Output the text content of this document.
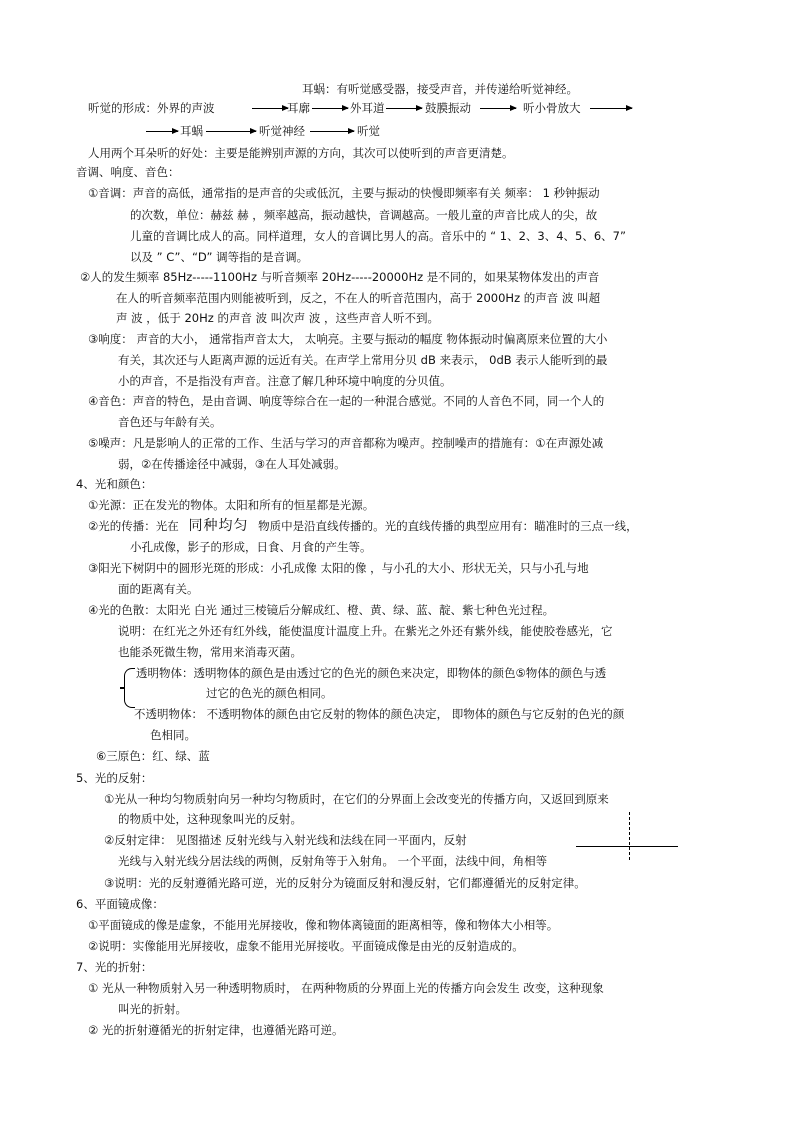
耳蜗：有听觉感受器，接受声音，并传递给听觉神经。
听觉的形成：外界的声波	耳廓	外耳道	鼓膜振动	听小骨放大
耳蜗	听觉神经	听觉
人用两个耳朵听的好处：主要是能辨别声源的方向，其次可以使听到的声音更清楚。
音调、响度、音色：
①音调：声音的高低，通常指的是声音的尖或低沉，主要与振动的快慢即频率有关 频率： 1 秒钟振动
的次数，单位：赫兹 赫 ，频率越高，振动越快，音调越高。一般儿童的声音比成人的尖，故
儿童的音调比成人的高。同样道理，女人的音调比男人的高。音乐中的 “ 1、2、3、4、5、6、7”
以及 ” C”、“D” 调等指的是音调。
②人的发生频率 85Hz-----1100Hz 与听音频率 20Hz-----20000Hz 是不同的，如果某物体发出的声音
在人的听音频率范围内则能被听到，反之，不在人的听音范围内，高于 2000Hz 的声音 波 叫超
声 波 ，低于 20Hz 的声音 波 叫次声 波 ，这些声音人听不到。
③响度： 声音的大小， 通常指声音太大， 太响亮。主要与振动的幅度 物体振动时偏离原来位置的大小
有关，其次还与人距离声源的远近有关。在声学上常用分贝 dB 来表示， 0dB 表示人能听到的最
小的声音，不是指没有声音。注意了解几种环境中响度的分贝值。
④音色：声音的特色，是由音调、响度等综合在一起的一种混合感觉。不同的人音色不同，同一个人的
音色还与年龄有关。
⑤噪声：凡是影响人的正常的工作、生活与学习的声音都称为噪声。控制噪声的措施有：①在声源处减
弱，②在传播途径中减弱，③在人耳处减弱。
4、光和颜色：
①光源：正在发光的物体。太阳和所有的恒星都是光源。
②光的传播：光在 同种均匀 物质中是沿直线传播的。光的直线传播的典型应用有：瞄准时的三点一线，
小孔成像，影子的形成，日食、月食的产生等。
③阳光下树阴中的圆形光斑的形成：小孔成像 太阳的像 ，与小孔的大小、形状无关，只与小孔与地
面的距离有关。
④光的色散：太阳光 白光 通过三棱镜后分解成红、橙、黄、绿、蓝、靛、紫七种色光过程。
说明：在红光之外还有红外线，能使温度计温度上升。在紫光之外还有紫外线，能使胶卷感光，它
也能杀死微生物，常用来消毒灭菌。
透明物体：透明物体的颜色是由透过它的色光的颜色来决定，即物体的颜色⑤物体的颜色与透
过它的色光的颜色相同。
不透明物体： 不透明物体的颜色由它反射的物体的颜色决定， 即物体的颜色与它反射的色光的颜
色相同。
⑥三原色：红、绿、蓝
5、光的反射：
①光从一种均匀物质射向另一种均匀物质时，在它们的分界面上会改变光的传播方向，又返回到原来
的物质中处，这种现象叫光的反射。
②反射定律： 见图描述 反射光线与入射光线和法线在同一平面内，反射
光线与入射光线分居法线的两侧，反射角等于入射角。 一个平面，法线中间，角相等
③说明：光的反射遵循光路可逆，光的反射分为镜面反射和漫反射，它们都遵循光的反射定律。
6、平面镜成像：
①平面镜成的像是虚象，不能用光屏接收，像和物体离镜面的距离相等，像和物体大小相等。
②说明：实像能用光屏接收，虚象不能用光屏接收。平面镜成像是由光的反射造成的。
7、光的折射：
① 光从一种物质射入另一种透明物质时， 在两种物质的分界面上光的传播方向会发生 改变，这种现象
叫光的折射。
② 光的折射遵循光的折射定律，也遵循光路可逆。
